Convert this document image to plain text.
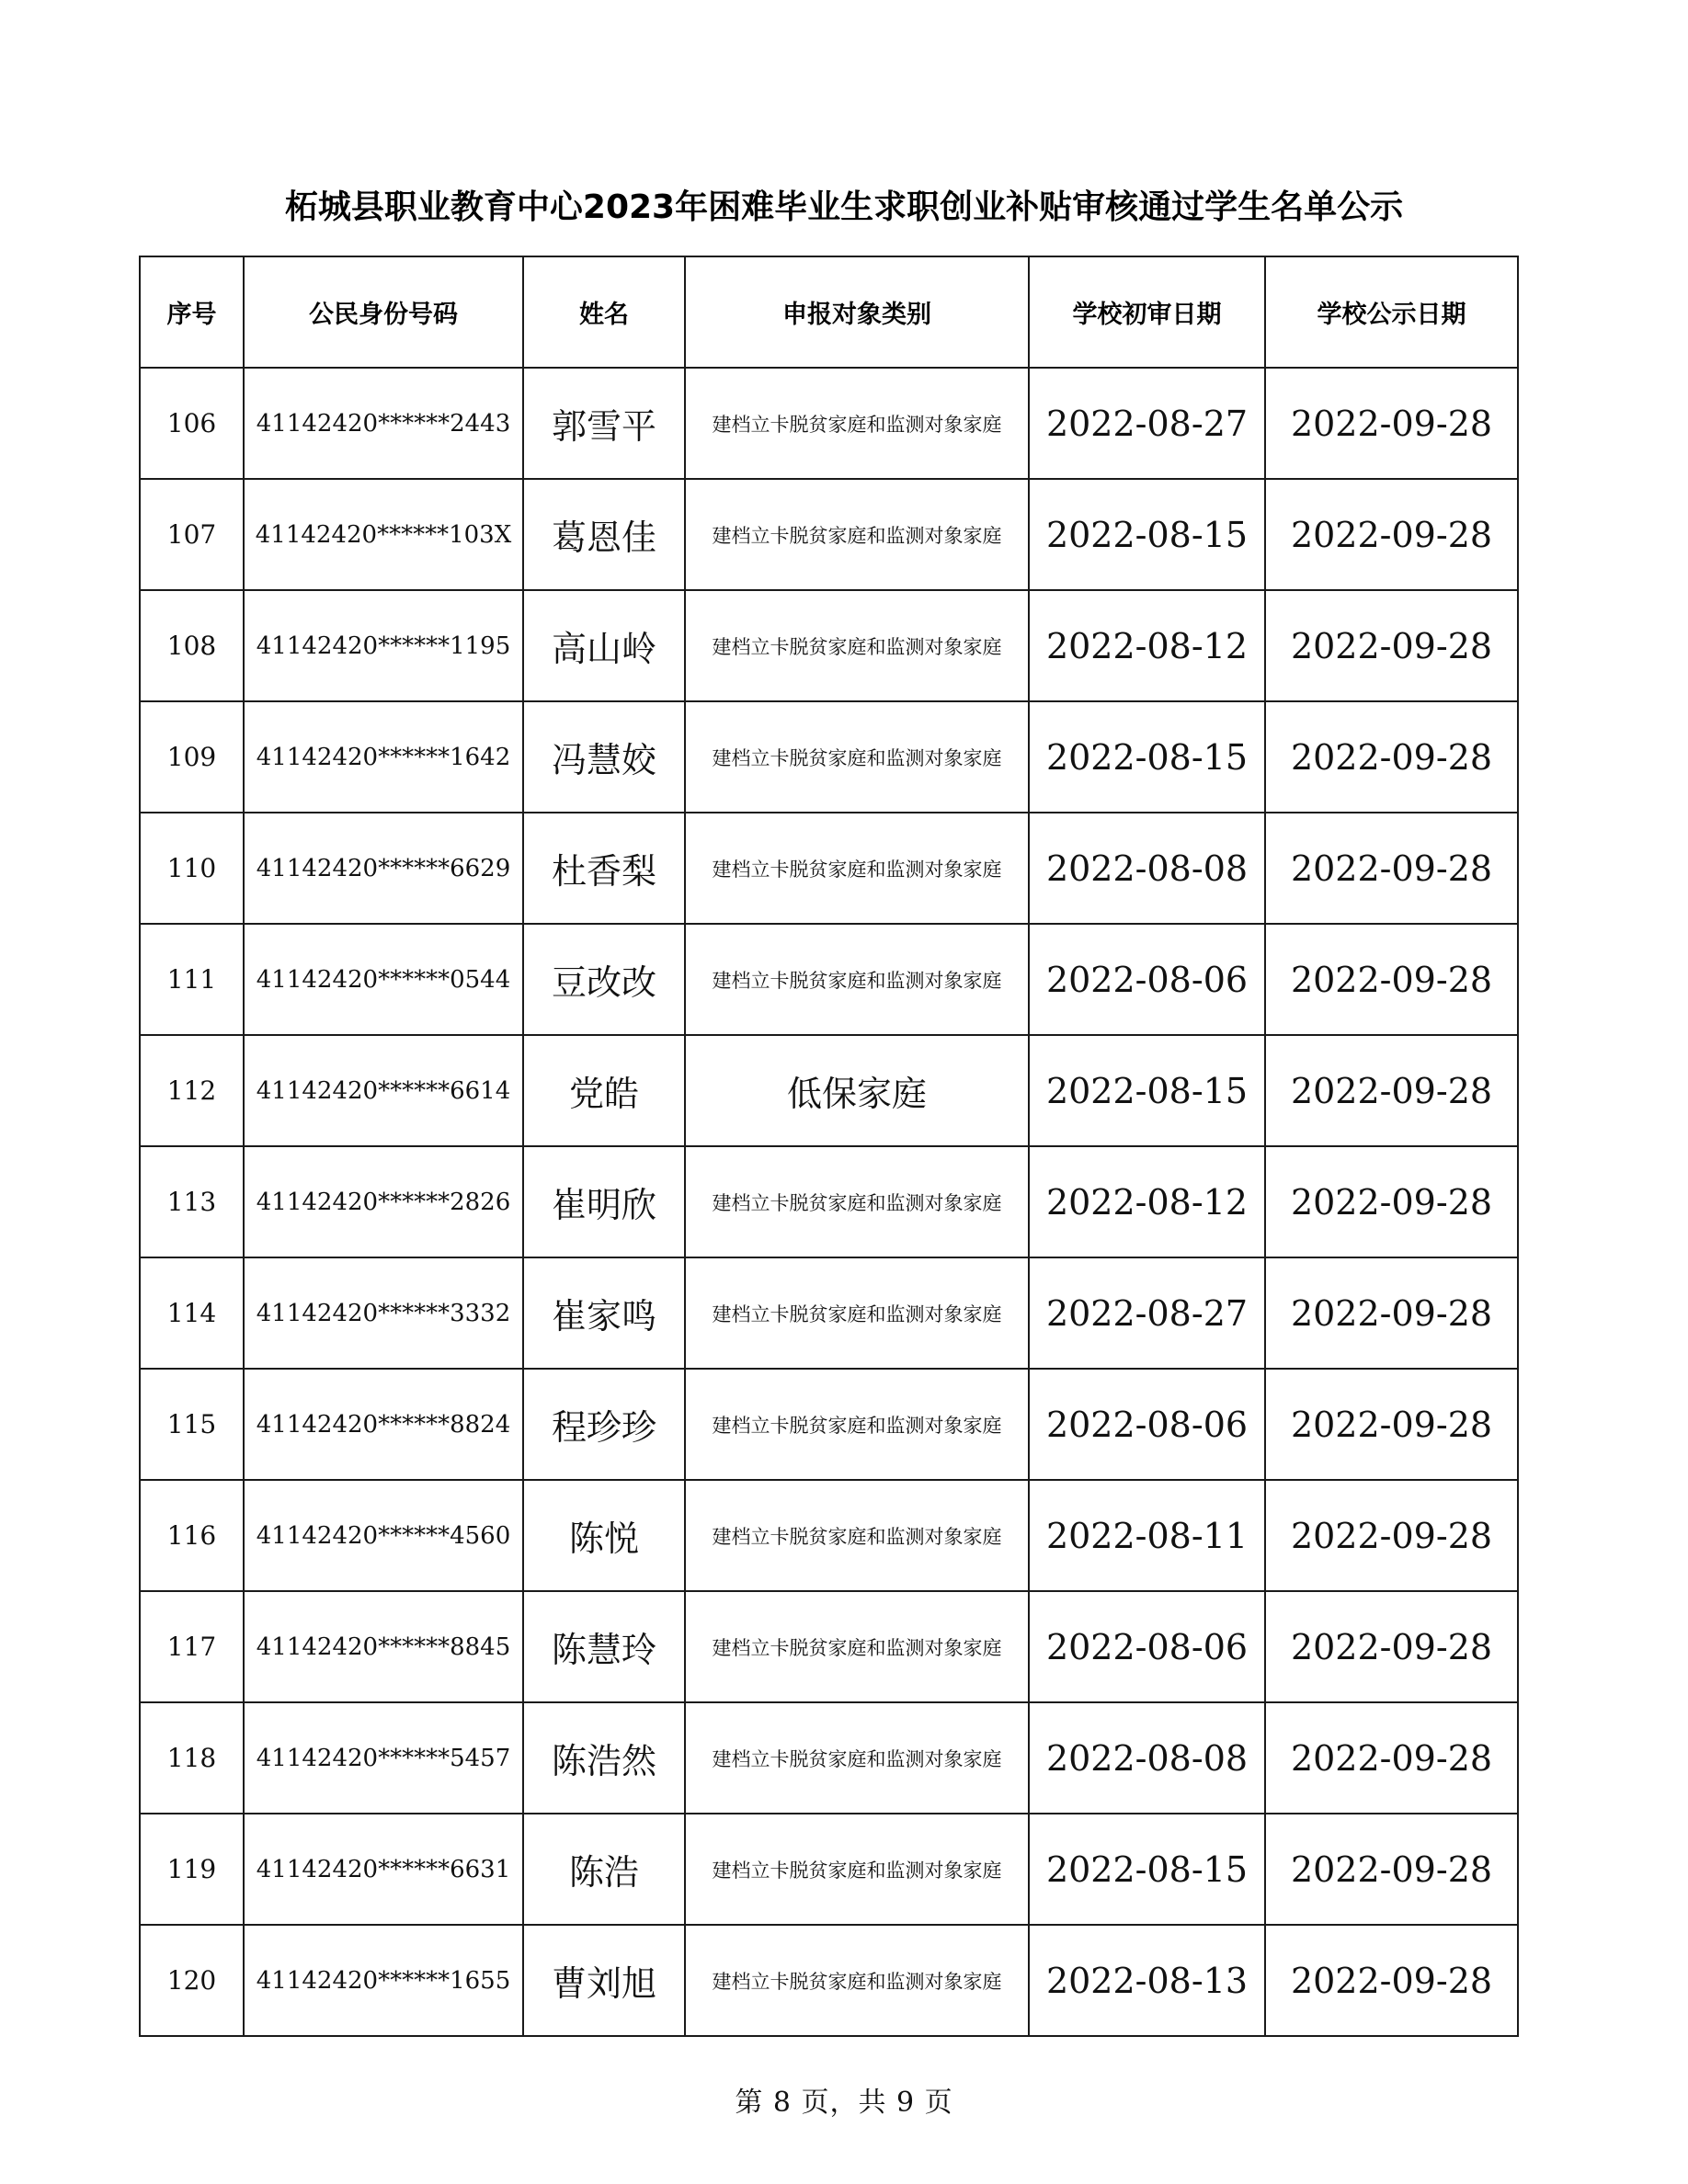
柘城县职业教育中心2023年困难毕业生求职创业补贴审核通过学生名单公示
序号	公民身份号码	姓名	申报对象类别	学校初审日期	学校公示日期
106	41142420******2443	郭雪平	建档立卡脱贫家庭和监测对象家庭	2022-08-27	2022-09-28
107	41142420******103X	葛恩佳	建档立卡脱贫家庭和监测对象家庭	2022-08-15	2022-09-28
108	41142420******1195	高山岭	建档立卡脱贫家庭和监测对象家庭	2022-08-12	2022-09-28
109	41142420******1642	冯慧姣	建档立卡脱贫家庭和监测对象家庭	2022-08-15	2022-09-28
110	41142420******6629	杜香梨	建档立卡脱贫家庭和监测对象家庭	2022-08-08	2022-09-28
111	41142420******0544	豆改改	建档立卡脱贫家庭和监测对象家庭	2022-08-06	2022-09-28
112	41142420******6614	党皓	低保家庭	2022-08-15	2022-09-28
113	41142420******2826	崔明欣	建档立卡脱贫家庭和监测对象家庭	2022-08-12	2022-09-28
114	41142420******3332	崔家鸣	建档立卡脱贫家庭和监测对象家庭	2022-08-27	2022-09-28
115	41142420******8824	程珍珍	建档立卡脱贫家庭和监测对象家庭	2022-08-06	2022-09-28
116	41142420******4560	陈悦	建档立卡脱贫家庭和监测对象家庭	2022-08-11	2022-09-28
117	41142420******8845	陈慧玲	建档立卡脱贫家庭和监测对象家庭	2022-08-06	2022-09-28
118	41142420******5457	陈浩然	建档立卡脱贫家庭和监测对象家庭	2022-08-08	2022-09-28
119	41142420******6631	陈浩	建档立卡脱贫家庭和监测对象家庭	2022-08-15	2022-09-28
120	41142420******1655	曹刘旭	建档立卡脱贫家庭和监测对象家庭	2022-08-13	2022-09-28
第 8 页，共 9 页
